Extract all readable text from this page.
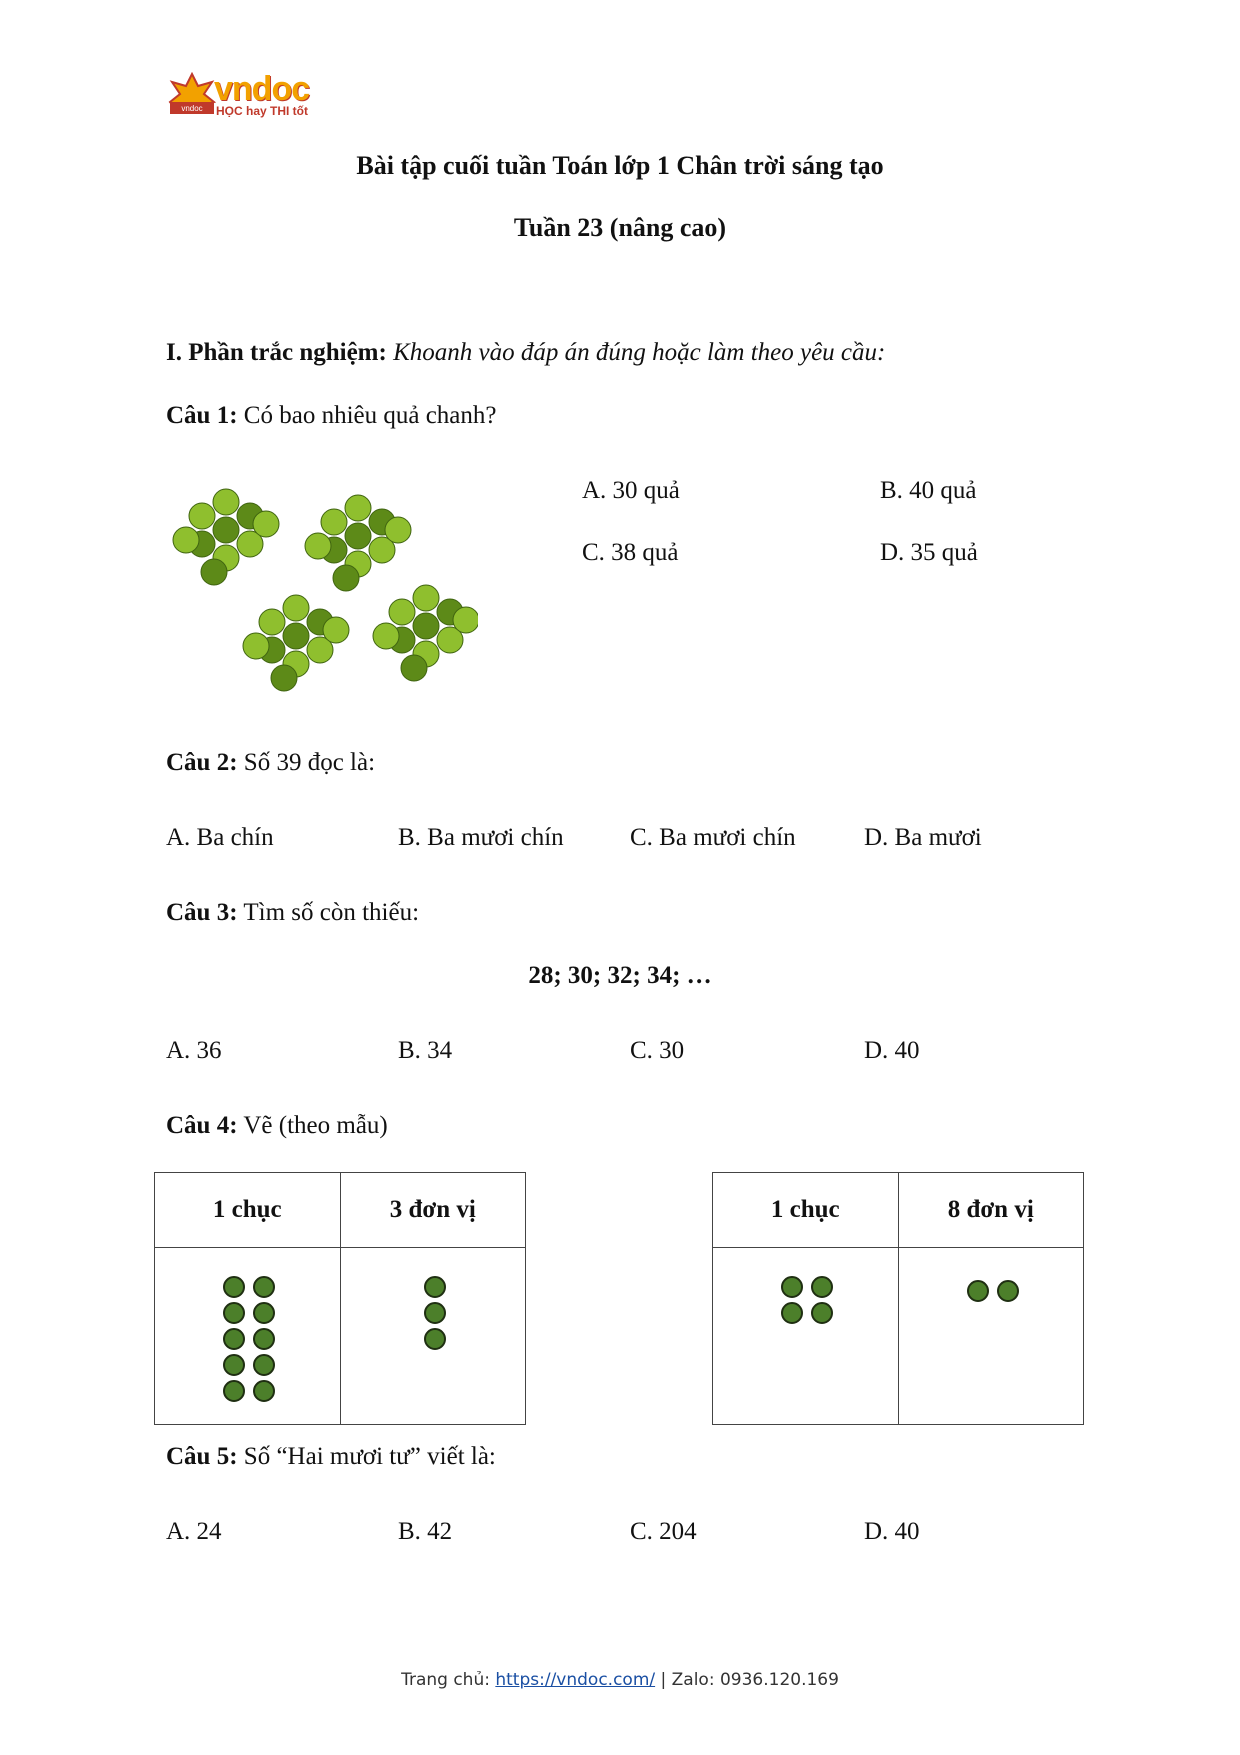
vndoc
vndoc
HỌC hay THI tốt
Bài tập cuối tuần Toán lớp 1 Chân trời sáng tạo
Tuần 23 (nâng cao)
I. Phần trắc nghiệm: Khoanh vào đáp án đúng hoặc làm theo yêu cầu:
Câu 1: Có bao nhiêu quả chanh?
A. 30 quả	B. 40 quả
C. 38 quả	D. 35 quả
Câu 2: Số 39 đọc là:
A. Ba chín	B. Ba mươi chín	C. Ba mươi chín	D. Ba mươi
Câu 3: Tìm số còn thiếu:
28; 30; 32; 34; …
A. 36	B. 34	C. 30	D. 40
Câu 4: Vẽ (theo mẫu)
1 chục	3 đơn vị

		1 chục	8 đơn vị

Câu 5: Số “Hai mươi tư” viết là:
A. 24	B. 42	C. 204	D. 40
Trang chủ: https://vndoc.com/ | Zalo: 0936.120.169
